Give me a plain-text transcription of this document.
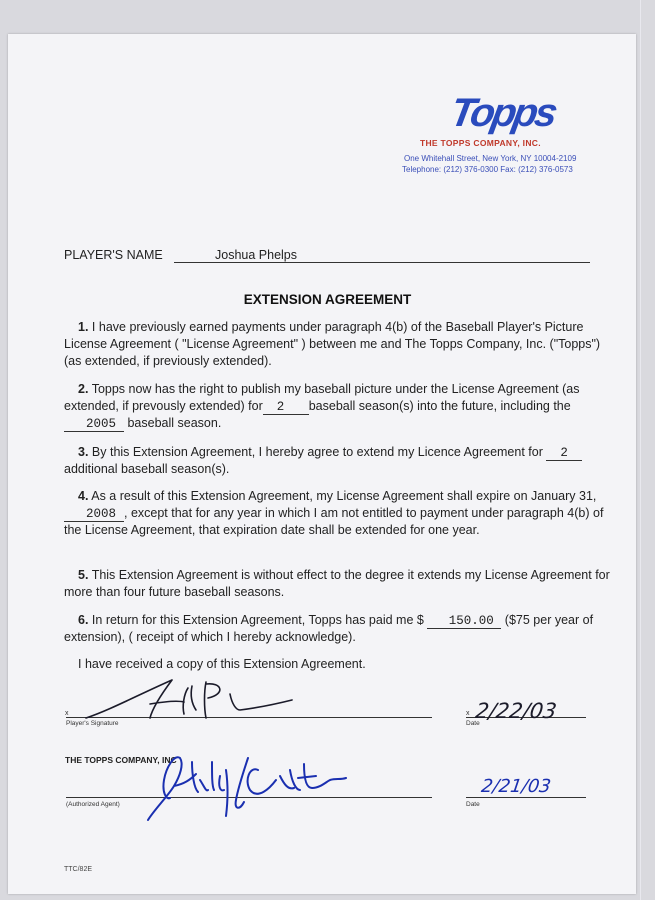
Topps
THE TOPPS COMPANY, INC.
One Whitehall Street, New York, NY 10004-2109
Telephone: (212) 376-0300 Fax: (212) 376-0573
PLAYER'S NAME	Joshua Phelps
EXTENSION AGREEMENT
1. I have previously earned payments under paragraph 4(b) of the Baseball Player's Picture License Agreement ( "License Agreement" ) between me and The Topps Company, Inc. ("Topps") (as extended, if previously extended).
2. Topps now has the right to publish my baseball picture under the License Agreement (as extended, if prevously extended) for 2 baseball season(s) into the future, including the 2005 baseball season.
3. By this Extension Agreement, I hereby agree to extend my Licence Agreement for 2   additional baseball season(s).
4. As a result of this Extension Agreement, my License Agreement shall expire on January 31, 2008 , except that for any year in which I am not entitled to payment under paragraph 4(b) of the License Agreement, that expiration date shall be extended for one year.
5. This Extension Agreement is without effect to the degree it extends my License Agreement for more than four future baseball seasons.
6. In return for this Extension Agreement, Topps has paid me $ 150.00 ($75 per year of extension), ( receipt of which I hereby acknowledge).
I have received a copy of this Extension Agreement.
x
Player's Signature
x
Date
2/22/03
THE TOPPS COMPANY, INC
(Authorized Agent)	Date
2/21/03
TTC/82E
